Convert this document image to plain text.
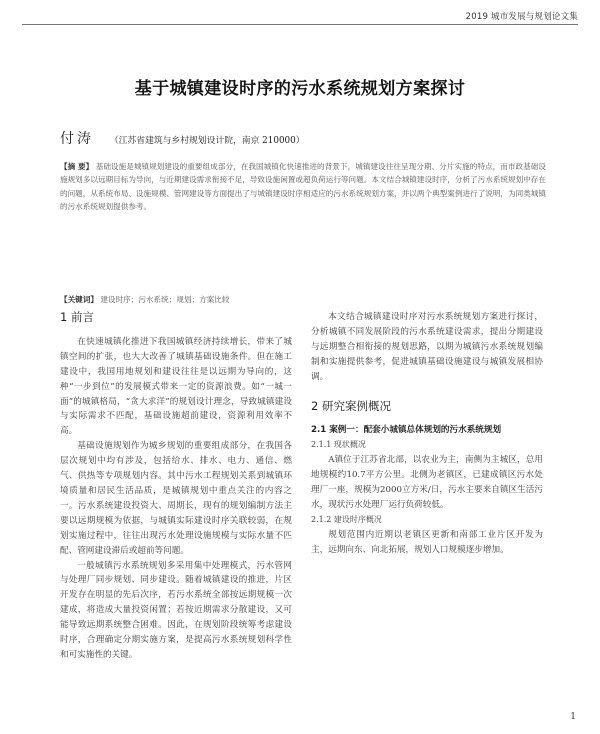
2019 城市发展与规划论文集
基于城镇建设时序的污水系统规划方案探讨
付涛 （江苏省建筑与乡村规划设计院，南京 210000）
【摘 要】 基础设施是城镇规划建设的重要组成部分，在我国城镇化快速推进的背景下，城镇建设往往呈现分期、分片实施的特点，而市政基础设施规划多以远期目标为导向，与近期建设需求衔接不足，导致设施闲置或超负荷运行等问题。本文结合城镇建设时序，分析了污水系统规划中存在的问题，从系统布局、设施规模、管网建设等方面提出了与城镇建设时序相适应的污水系统规划方案，并以两个典型案例进行了说明，为同类城镇的污水系统规划提供参考。
【关键词】 建设时序；污水系统；规划；方案比较
1 前言

在快速城镇化推进下我国城镇经济持续增长，带来了城镇空间的扩张，也大大改善了城镇基础设施条件。但在施工建设中，我国用地规划和建设往往是以远期为导向的，这种“一步到位”的发展模式带来一定的资源浪费。如“一城一面”的城镇格局，“贪大求洋”的规划设计理念，导致城镇建设与实际需求不匹配，基础设施超前建设，资源利用效率不高。

基础设施规划作为城乡规划的重要组成部分，在我国各层次规划中均有涉及，包括给水、排水、电力、通信、燃气、供热等专项规划内容。其中污水工程规划关系到城镇环境质量和居民生活品质，是城镇规划中重点关注的内容之一。污水系统建设投资大、周期长，现有的规划编制方法主要以远期规模为依据，与城镇实际建设时序关联较弱，在规划实施过程中，往往出现污水处理设施规模与实际水量不匹配、管网建设滞后或超前等问题。

一般城镇污水系统规划多采用集中处理模式，污水管网与处理厂同步规划、同步建设。随着城镇建设的推进，片区开发存在明显的先后次序，若污水系统全部按远期规模一次建成，将造成大量投资闲置；若按近期需求分散建设，又可能导致远期系统整合困难。因此，在规划阶段统筹考虑建设时序，合理确定分期实施方案，是提高污水系统规划科学性和可实施性的关键。

本文结合城镇建设时序对污水系统规划方案进行探讨，分析城镇不同发展阶段的污水系统建设需求，提出分期建设与远期整合相衔接的规划思路，以期为城镇污水系统规划编制和实施提供参考，促进城镇基础设施建设与城镇发展相协调。

2 研究案例概况
2.1 案例一：配套小城镇总体规划的污水系统规划
2.1.1 现状概况

A镇位于江苏省北部，以农业为主，南侧为主城区，总用地规模约10.7平方公里。北侧为老镇区，已建成镇区污水处理厂一座，规模为2000立方米/日，污水主要来自镇区生活污水，现状污水处理厂运行负荷较低。

2.1.2 建设时序概况

规划范围内近期以老镇区更新和南部工业片区开发为主，远期向东、向北拓展，规划人口规模逐步增加。

1
